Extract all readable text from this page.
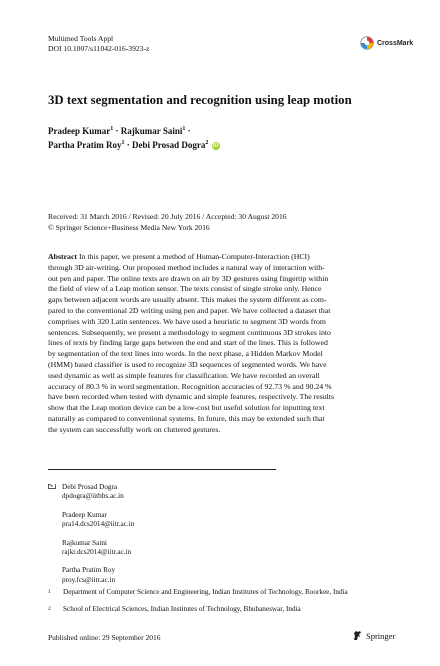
Multimed Tools Appl
DOI 10.1007/s11042-016-3923-z
CrossMark
3D text segmentation and recognition using leap motion
Pradeep Kumar$^1$ · Rajkumar Saini$^1$ ·
Partha Pratim Roy$^1$ · Debi Prosad Dogra$^2$ iD
Received: 31 March 2016 / Revised: 20 July 2016 / Accepted: 30 August 2016
© Springer Science+Business Media New York 2016
Abstract In this paper, we present a method of Human-Computer-Interaction (HCI)
through 3D air-writing. Our proposed method includes a natural way of interaction with-
out pen and paper. The online texts are drawn on air by 3D gestures using fingertip within
the field of view of a Leap motion sensor. The texts consist of single stroke only. Hence
gaps between adjacent words are usually absent. This makes the system different as com-
pared to the conventional 2D writing using pen and paper. We have collected a dataset that
comprises with 320 Latin sentences. We have used a heuristic to segment 3D words from
sentences. Subsequently, we present a methodology to segment continuous 3D strokes into
lines of texts by finding large gaps between the end and start of the lines. This is followed
by segmentation of the text lines into words. In the next phase, a Hidden Markov Model
(HMM) based classifier is used to recognize 3D sequences of segmented words. We have
used dynamic as well as simple features for classification. We have recorded an overall
accuracy of 80.3 % in word segmentation. Recognition accuracies of 92.73 % and 90.24 %
have been recorded when tested with dynamic and simple features, respectively. The results
show that the Leap motion device can be a low-cost but useful solution for inputting text
naturally as compared to conventional systems. In future, this may be extended such that
the system can successfully work on cluttered gestures.
Debi Prosad Dogra
dpdogra@iitbbs.ac.in
Pradeep Kumar
pra14.dcs2014@iitr.ac.in
Rajkumar Saini
rajkr.dcs2014@iitr.ac.in
Partha Pratim Roy
proy.fcs@iitr.ac.in
1	Department of Computer Science and Engineering, Indian Institutes of Technology, Roorkee, India
2	School of Electrical Sciences, Indian Institutes of Technology, Bhubaneswar, India
Published online: 29 September 2016	Springer
